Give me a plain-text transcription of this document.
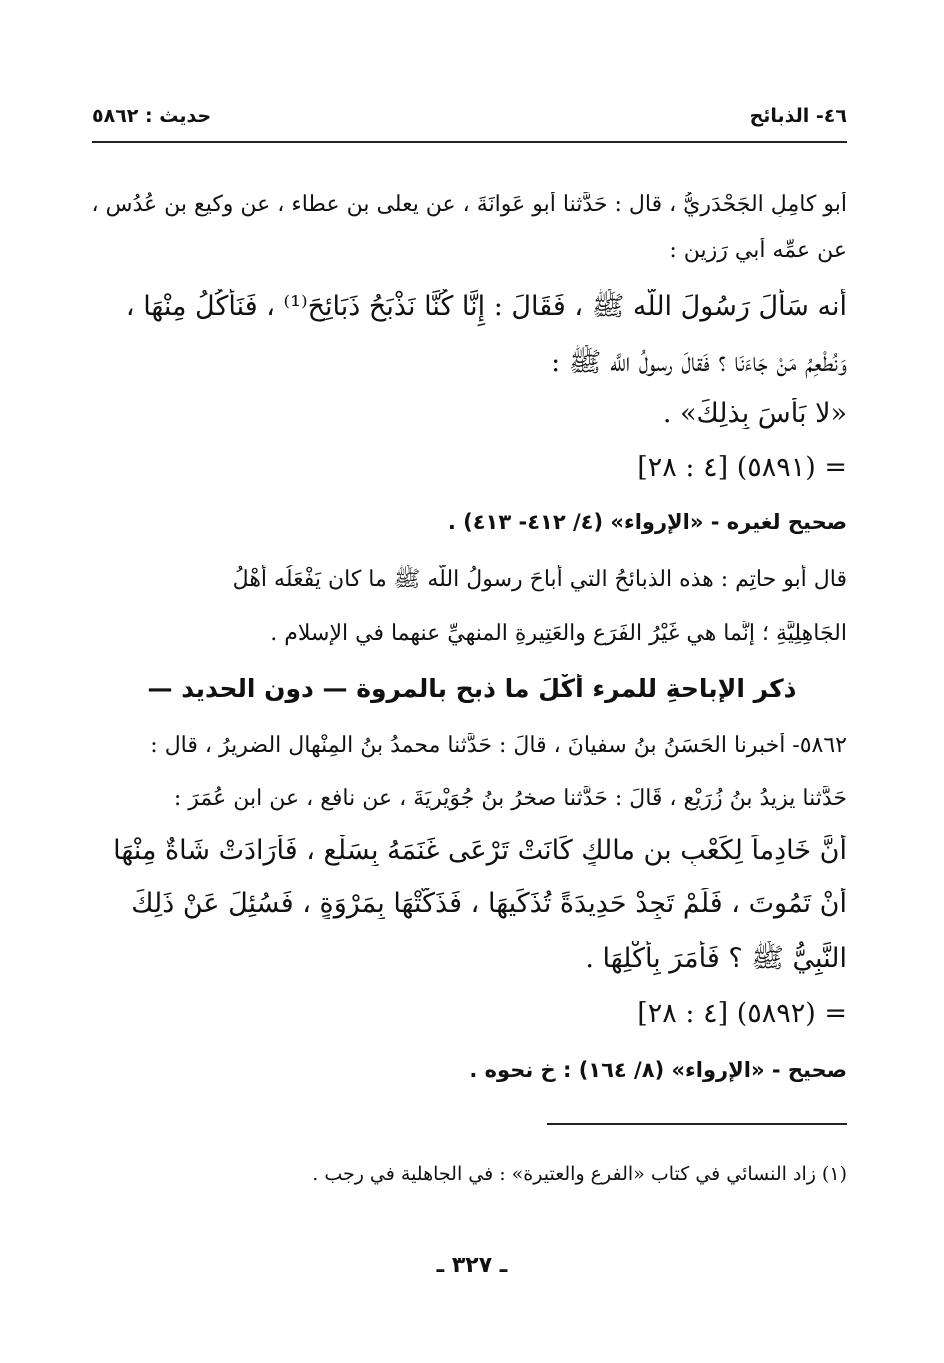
٤٦- الذبائح
حديث : ٥٨٦٢
أبو كامِلٍ الجَحْدَرِيُّ ، قال : حَدَّثنا أبو عَوانَةَ ، عن يعلى بنِ عطاء ، عن وكيع بنِ عُدُسٍ ،
عن عمِّه أبي رَزِين :
أنه سَأَلَ رَسُولَ اللَّه ﷺ ، فَقَالَ : إِنَّا كُنَّا نَذْبَحُ ذَبَائِحَ⁽¹⁾ ، فَنَأْكُلُ مِنْهَا ،
وَنُطْعِمُ مَنْ جَاءَنَا ؟ فَقالَ رسولُ اللَّه ﷺ :
«لا بَأْسَ بِذلِكَ» .
= (٥٨٩١) [٤ : ٢٨]
صحيح لغيره - «الإرواء» (٤/ ٤١٢- ٤١٣) .
قال أبو حاتِم : هذه الذبائحُ التي أباحَ رسولُ اللَّه ﷺ ما كان يَفْعَلُه أَهْلُ
الجَاهِلِيَّةِ ؛ إنَّما هي غَيْرُ الفَرَعِ والعَتِيرةِ المنهيِّ عنهما في الإسلام .
ذكر الإباحةِ للمرء أَكْلَ ما ذبح بالمروة — دون الحديد —
٥٨٦٢- أخبرنا الحَسَنُ بنُ سفيانَ ، قالَ : حَدَّثنا محمدُ بنُ المِنْهال الضريرُ ، قال :
حَدَّثنا يزيدُ بنُ زُرَيْعٍ ، قَالَ : حَدَّثنا صخرُ بنُ جُوَيْرِيَةَ ، عن نافعٍ ، عن ابنِ عُمَرَ :
أَنَّ خَادِماً لِكَعْبِ بنِ مالكٍ كَانَتْ تَرْعَى غَنَمَهُ بِسَلْعٍ ، فَأَرَادَتْ شَاةٌ مِنْهَا
أَنْ تَمُوتَ ، فَلَمْ تَجِدْ حَدِيدَةً تُذَكِّيهَا ، فَذَكَّتْهَا بِمَرْوَةٍ ، فَسُئِلَ عَنْ ذَلِكَ
النَّبِيُّ ﷺ ؟ فَأَمَرَ بِأَكْلِهَا .
= (٥٨٩٢) [٤ : ٢٨]
صحيح - «الإرواء» (٨/ ١٦٤) : خ نحوه .
(١) زاد النسائي في كتاب «الفرع والعتيرة» : في الجاهلية في رجب .
ـ ٣٢٧ ـ
